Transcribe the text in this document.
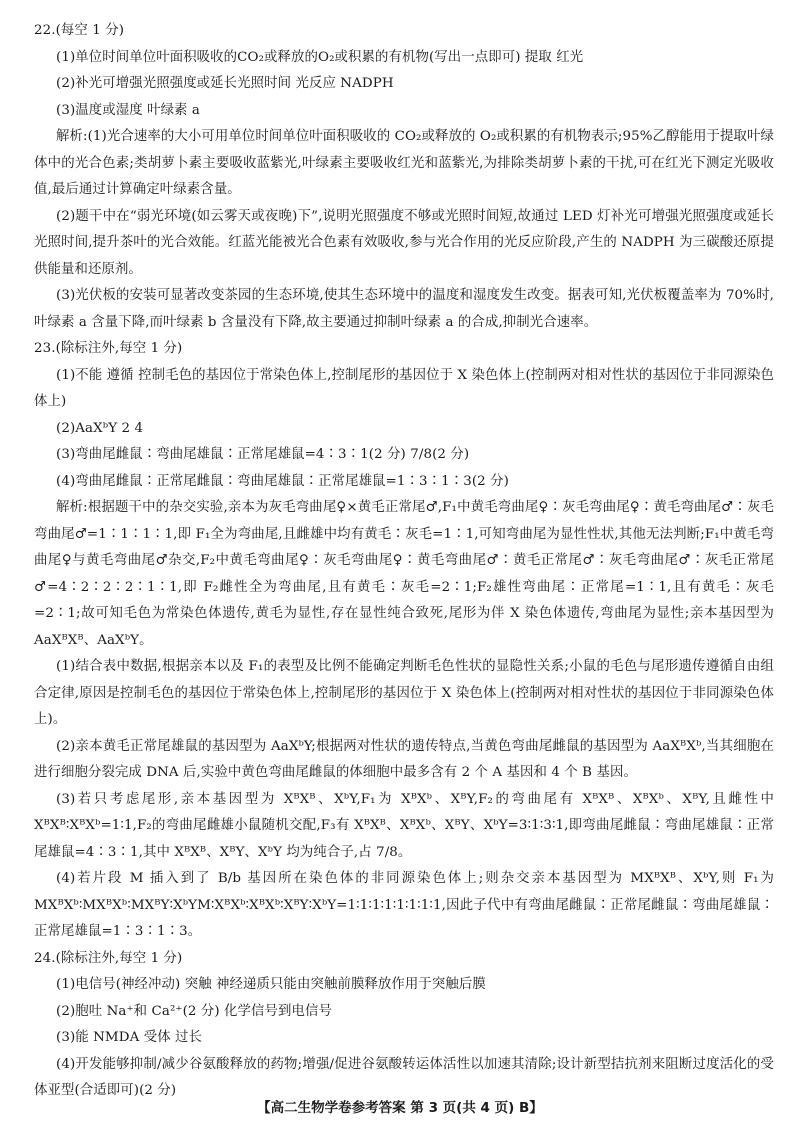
22.(每空 1 分)

(1)单位时间单位叶面积吸收的CO₂或释放的O₂或积累的有机物(写出一点即可) 提取 红光

(2)补光可增强光照强度或延长光照时间 光反应 NADPH

(3)温度或湿度 叶绿素 a

解析:(1)光合速率的大小可用单位时间单位叶面积吸收的 CO₂或释放的 O₂或积累的有机物表示;95%乙醇能用于提取叶绿体中的光合色素;类胡萝卜素主要吸收蓝紫光,叶绿素主要吸收红光和蓝紫光,为排除类胡萝卜素的干扰,可在红光下测定光吸收值,最后通过计算确定叶绿素含量。

(2)题干中在“弱光环境(如云雾天或夜晚)下”,说明光照强度不够或光照时间短,故通过 LED 灯补光可增强光照强度或延长光照时间,提升茶叶的光合效能。红蓝光能被光合色素有效吸收,参与光合作用的光反应阶段,产生的 NADPH 为三碳酸还原提供能量和还原剂。

(3)光伏板的安装可显著改变茶园的生态环境,使其生态环境中的温度和湿度发生改变。据表可知,光伏板覆盖率为 70%时,叶绿素 a 含量下降,而叶绿素 b 含量没有下降,故主要通过抑制叶绿素 a 的合成,抑制光合速率。

23.(除标注外,每空 1 分)

(1)不能 遵循 控制毛色的基因位于常染色体上,控制尾形的基因位于 X 染色体上(控制两对相对性状的基因位于非同源染色体上)

(2)AaXᵇY 2 4

(3)弯曲尾雌鼠∶弯曲尾雄鼠∶正常尾雄鼠=4∶3∶1(2 分) 7/8(2 分)

(4)弯曲尾雌鼠∶正常尾雌鼠∶弯曲尾雄鼠∶正常尾雄鼠=1∶3∶1∶3(2 分)

解析:根据题干中的杂交实验,亲本为灰毛弯曲尾♀×黄毛正常尾♂,F₁中黄毛弯曲尾♀∶灰毛弯曲尾♀∶黄毛弯曲尾♂∶灰毛弯曲尾♂=1∶1∶1∶1,即 F₁全为弯曲尾,且雌雄中均有黄毛∶灰毛=1∶1,可知弯曲尾为显性性状,其他无法判断;F₁中黄毛弯曲尾♀与黄毛弯曲尾♂杂交,F₂中黄毛弯曲尾♀∶灰毛弯曲尾♀∶黄毛弯曲尾♂∶黄毛正常尾♂∶灰毛弯曲尾♂∶灰毛正常尾♂=4∶2∶2∶2∶1∶1,即 F₂雌性全为弯曲尾,且有黄毛∶灰毛=2∶1;F₂雄性弯曲尾∶正常尾=1∶1,且有黄毛∶灰毛=2∶1;故可知毛色为常染色体遗传,黄毛为显性,存在显性纯合致死,尾形为伴 X 染色体遗传,弯曲尾为显性;亲本基因型为 AaXᴮXᴮ、AaXᵇY。

(1)结合表中数据,根据亲本以及 F₁的表型及比例不能确定判断毛色性状的显隐性关系;小鼠的毛色与尾形遗传遵循自由组合定律,原因是控制毛色的基因位于常染色体上,控制尾形的基因位于 X 染色体上(控制两对相对性状的基因位于非同源染色体上)。

(2)亲本黄毛正常尾雄鼠的基因型为 AaXᵇY;根据两对性状的遗传特点,当黄色弯曲尾雌鼠的基因型为 AaXᴮXᵇ,当其细胞在进行细胞分裂完成 DNA 后,实验中黄色弯曲尾雌鼠的体细胞中最多含有 2 个 A 基因和 4 个 B 基因。

(3)若只考虑尾形,亲本基因型为 XᴮXᴮ、XᵇY,F₁为 XᴮXᵇ、XᴮY,F₂的弯曲尾有 XᴮXᴮ、XᴮXᵇ、XᴮY,且雌性中 XᴮXᴮ∶XᴮXᵇ=1∶1,F₂的弯曲尾雌雄小鼠随机交配,F₃有 XᴮXᴮ、XᴮXᵇ、XᴮY、XᵇY=3∶1∶3∶1,即弯曲尾雌鼠∶弯曲尾雄鼠∶正常尾雄鼠=4∶3∶1,其中 XᴮXᴮ、XᴮY、XᵇY 均为纯合子,占 7/8。

(4)若片段 M 插入到了 B/b 基因所在染色体的非同源染色体上;则杂交亲本基因型为 MXᴮXᴮ、XᵇY,则 F₁为 MXᴮXᵇ∶MXᴮXᵇ∶MXᴮY∶XᵇYM∶XᴮXᵇ∶XᴮXᵇ∶XᴮY∶XᵇY=1∶1∶1∶1∶1∶1∶1∶1,因此子代中有弯曲尾雌鼠∶正常尾雌鼠∶弯曲尾雄鼠∶正常尾雄鼠=1∶3∶1∶3。

24.(除标注外,每空 1 分)

(1)电信号(神经冲动) 突触 神经递质只能由突触前膜释放作用于突触后膜

(2)胞吐 Na⁺和 Ca²⁺(2 分) 化学信号到电信号

(3)能 NMDA 受体 过长

(4)开发能够抑制/减少谷氨酸释放的药物;增强/促进谷氨酸转运体活性以加速其清除;设计新型拮抗剂来阻断过度活化的受体亚型(合适即可)(2 分)

【高二生物学卷参考答案 第 3 页(共 4 页) B】
